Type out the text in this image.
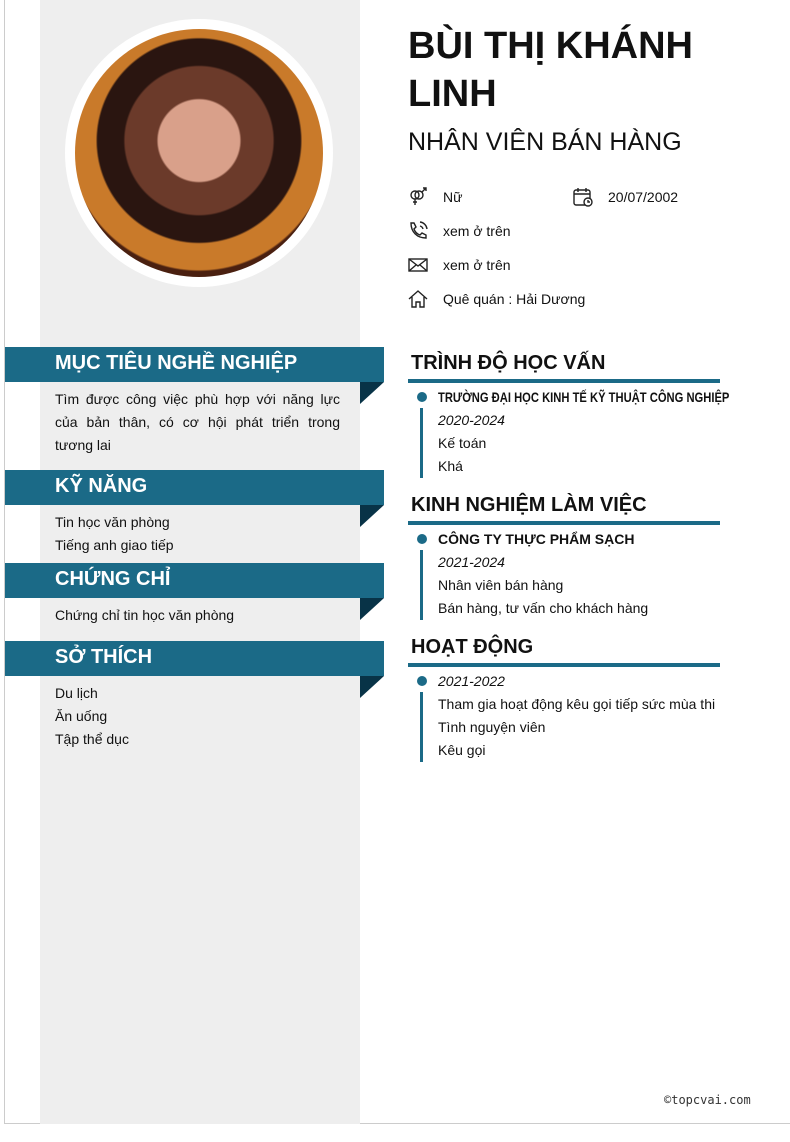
MỤC TIÊU NGHỀ NGHIỆP
Tìm được công việc phù hợp với năng lực của bản thân, có cơ hội phát triển trong tương lai
KỸ NĂNG
Tin học văn phòng
Tiếng anh giao tiếp
CHỨNG CHỈ
Chứng chỉ tin học văn phòng
SỞ THÍCH
Du lịch
Ăn uống
Tập thể dục
BÙI THỊ KHÁNH LINH
NHÂN VIÊN BÁN HÀNG
Nữ	20/07/2002
xem ở trên
xem ở trên
Quê quán : Hải Dương
TRÌNH ĐỘ HỌC VẤN
TRƯỜNG ĐẠI HỌC KINH TẾ KỸ THUẬT CÔNG NGHIỆP
2020-2024
Kế toán
Khá
KINH NGHIỆM LÀM VIỆC
CÔNG TY THỰC PHẨM SẠCH
2021-2024
Nhân viên bán hàng
Bán hàng, tư vấn cho khách hàng
HOẠT ĐỘNG
2021-2022
Tham gia hoạt động kêu gọi tiếp sức mùa thi
Tình nguyện viên
Kêu gọi
©topcvai.com
